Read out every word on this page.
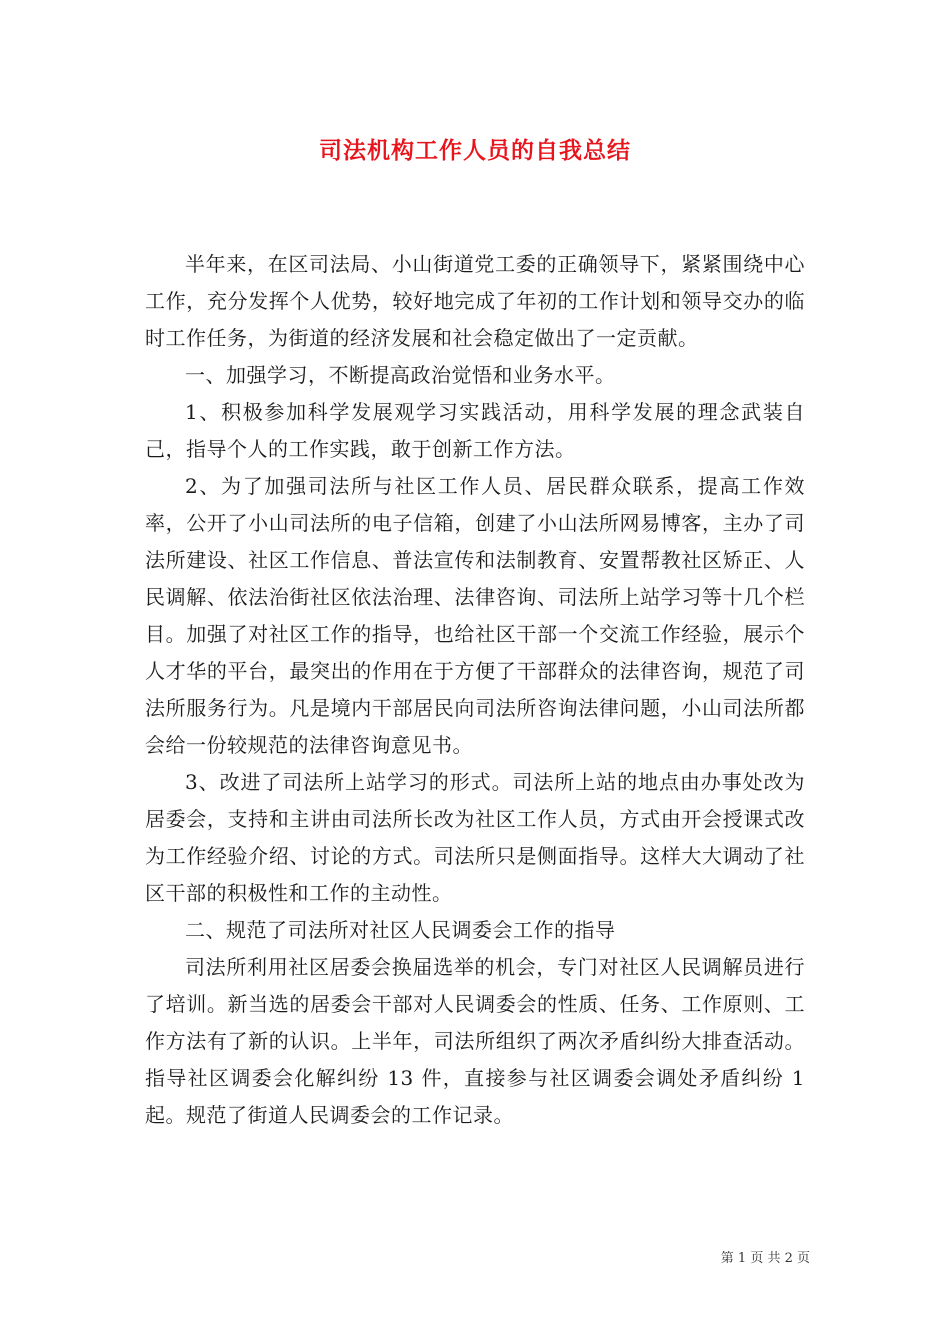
司法机构工作人员的自我总结

半年来，在区司法局、小山街道党工委的正确领导下，紧紧围绕中心工作，充分发挥个人优势，较好地完成了年初的工作计划和领导交办的临时工作任务，为街道的经济发展和社会稳定做出了一定贡献。

一、加强学习，不断提高政治觉悟和业务水平。

1、积极参加科学发展观学习实践活动，用科学发展的理念武装自己，指导个人的工作实践，敢于创新工作方法。

2、为了加强司法所与社区工作人员、居民群众联系，提高工作效率，公开了小山司法所的电子信箱，创建了小山法所网易博客，主办了司法所建设、社区工作信息、普法宣传和法制教育、安置帮教社区矫正、人民调解、依法治街社区依法治理、法律咨询、司法所上站学习等十几个栏目。加强了对社区工作的指导，也给社区干部一个交流工作经验，展示个人才华的平台，最突出的作用在于方便了干部群众的法律咨询，规范了司法所服务行为。凡是境内干部居民向司法所咨询法律问题，小山司法所都会给一份较规范的法律咨询意见书。

3、改进了司法所上站学习的形式。司法所上站的地点由办事处改为居委会，支持和主讲由司法所长改为社区工作人员，方式由开会授课式改为工作经验介绍、讨论的方式。司法所只是侧面指导。这样大大调动了社区干部的积极性和工作的主动性。

二、规范了司法所对社区人民调委会工作的指导

司法所利用社区居委会换届选举的机会，专门对社区人民调解员进行了培训。新当选的居委会干部对人民调委会的性质、任务、工作原则、工作方法有了新的认识。上半年，司法所组织了两次矛盾纠纷大排查活动。指导社区调委会化解纠纷 13 件，直接参与社区调委会调处矛盾纠纷 1 起。规范了街道人民调委会的工作记录。

第 1 页 共 2 页
